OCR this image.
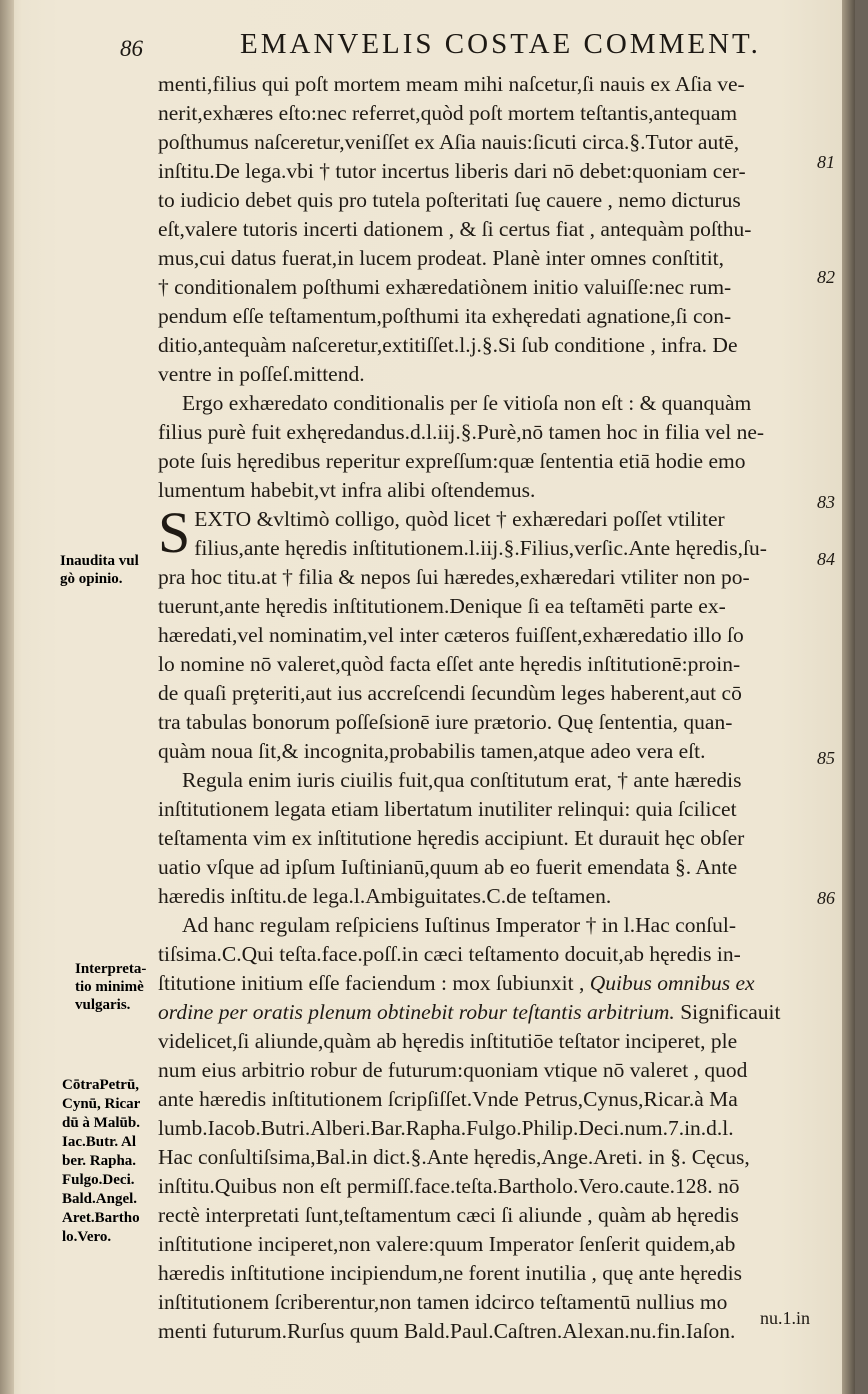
86	EMANVELIS COSTAE COMMENT.
menti,filius qui poſt mortem meam mihi naſcetur,ſi nauis ex Aſia ve-
nerit,exhæres eſto:nec referret,quòd poſt mortem teſtantis,antequam
poſthumus naſceretur,veniſſet ex Aſia nauis:ſicuti circa.§.Tutor autē,
inſtitu.De lega.vbi † tutor incertus liberis dari nō debet:quoniam cer-
to iudicio debet quis pro tutela poſteritati ſuę cauere , nemo dicturus
eſt,valere tutoris incerti dationem , & ſi certus fiat , antequàm poſthu-
mus,cui datus fuerat,in lucem prodeat. Planè inter omnes conſtitit,
† conditionalem poſthumi exhæredatiònem initio valuiſſe:nec rum-
pendum eſſe teſtamentum,poſthumi ita exhęredati agnatione,ſi con-
ditio,antequàm naſceretur,extitiſſet.l.j.§.Si ſub conditione , infra. De
ventre in poſſeſ.mittend.
Ergo exhæredato conditionalis per ſe vitioſa non eſt : & quanquàm
filius purè fuit exhęredandus.d.l.iij.§.Purè,nō tamen hoc in filia vel ne-
pote ſuis hęredibus reperitur expreſſum:quæ ſententia etiā hodie emo
lumentum habebit,vt infra alibi oſtendemus.
S EXTO &vltimò colligo, quòd licet † exhæredari poſſet vtiliter
filius,ante hęredis inſtitutionem.l.iij.§.Filius,verſic.Ante hęredis,ſu-
pra hoc titu.at † filia & nepos ſui hæredes,exhæredari vtiliter non po-
tuerunt,ante hęredis inſtitutionem.Denique ſi ea teſtamēti parte ex-
hæredati,vel nominatim,vel inter cæteros fuiſſent,exhæredatio illo ſo
lo nomine nō valeret,quòd facta eſſet ante hęredis inſtitutionē:proin-
de quaſi prȩteriti,aut ius accreſcendi ſecundùm leges haberent,aut cō
tra tabulas bonorum poſſeſsionē iure prætorio. Quę ſententia, quan-
quàm noua ſit,& incognita,probabilis tamen,atque adeo vera eſt.
Regula enim iuris ciuilis fuit,qua conſtitutum erat, † ante hæredis
inſtitutionem legata etiam libertatum inutiliter relinqui: quia ſcilicet
teſtamenta vim ex inſtitutione hęredis accipiunt. Et durauit hęc obſer
uatio vſque ad ipſum Iuſtinianū,quum ab eo fuerit emendata §. Ante
hæredis inſtitu.de lega.l.Ambiguitates.C.de teſtamen.
Ad hanc regulam reſpiciens Iuſtinus Imperator † in l.Hac conſul-
tiſsima.C.Qui teſta.face.poſſ.in cæci teſtamento docuit,ab hęredis in-
ſtitutione initium eſſe faciendum : mox ſubiunxit , Quibus omnibus ex
ordine per oratis plenum obtinebit robur teſtantis arbitrium. Significauit
videlicet,ſi aliunde,quàm ab hęredis inſtitutiōe teſtator inciperet, ple
num eius arbitrio robur de futurum:quoniam vtique nō valeret , quod
ante hæredis inſtitutionem ſcripſiſſet.Vnde Petrus,Cynus,Ricar.à Ma
lumb.Iacob.Butri.Alberi.Bar.Rapha.Fulgo.Philip.Deci.num.7.in.d.l.
Hac conſultiſsima,Bal.in dict.§.Ante hęredis,Ange.Areti. in §. Cęcus,
inſtitu.Quibus non eſt permiſſ.face.teſta.Bartholo.Vero.caute.128. nō
rectè interpretati ſunt,teſtamentum cæci ſi aliunde , quàm ab hęredis
inſtitutione inciperet,non valere:quum Imperator ſenſerit quidem,ab
hæredis inſtitutione incipiendum,ne forent inutilia , quę ante hęredis
inſtitutionem ſcriberentur,non tamen idcirco teſtamentū nullius mo
menti futurum.Rurſus quum Bald.Paul.Caſtren.Alexan.nu.fin.Iaſon.
Inaudita vul
gò opinio.
Interpreta-
tio minimè
vulgaris.
CōtraPetrū,
Cynū, Ricar
dū à Malūb.
Iac.Butr. Al
ber. Rapha.
Fulgo.Deci.
Bald.Angel.
Aret.Bartho
lo.Vero.
81
82
83
84
85
86
nu.1.in
